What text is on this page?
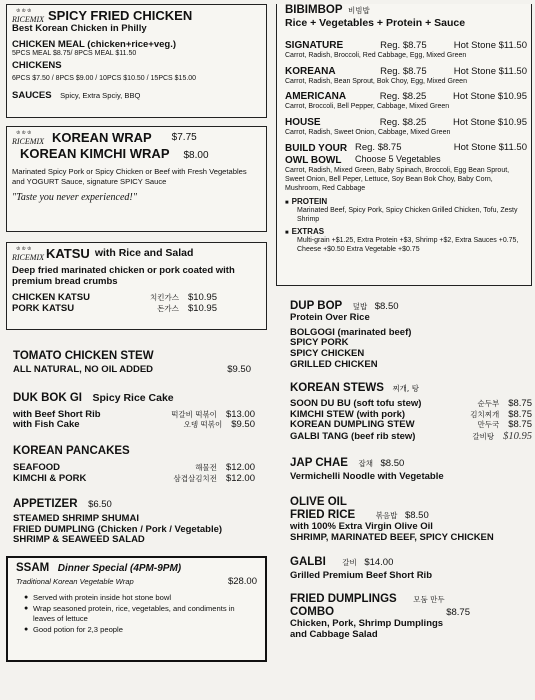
♔♔♔
RICEMIX SPICY FRIED CHICKEN
Best Korean Chicken in Philly
CHICKEN MEAL (chicken+rice+veg.)
5PCS MEAL $8.75/ 8PCS MEAL $11.50
CHICKENS
6PCS $7.50 / 8PCS $9.00 / 10PCS $10.50 / 15PCS $15.00
SAUCES Spicy, Extra Spciy, BBQ
♔♔♔
RICEMIX KOREAN WRAP $7.75
KOREAN KIMCHI WRAP $8.00
Marinated Spicy Pork or Spicy Chicken or Beef with Fresh Vegetables and YOGURT Sauce, signature SPICY Sauce
"Taste you never experienced!"
♔♔♔
RICEMIX KATSU with Rice and Salad
Deep fried marinated chicken or pork coated with premium bread crumbs
CHICKEN KATSU	치킨가스 $10.95
PORK KATSU	돈가스 $10.95
TOMATO CHICKEN STEW
ALL NATURAL, NO OIL ADDED	$9.50
DUK BOK GI Spicy Rice Cake
with Beef Short Rib	떡갈비 떡볶이 $13.00
with Fish Cake	오뎅 떡볶이 $9.50
KOREAN PANCAKES
SEAFOOD	해물전 $12.00
KIMCHI & PORK	삼겹살김치전 $12.00
APPETIZER $6.50
STEAMED SHRIMP SHUMAI
FRIED DUMPLING (Chicken / Pork / Vegetable)
SHRIMP & SEAWEED SALAD
SSAM Dinner Special (4PM-9PM)
Traditional Korean Vegetable Wrap	$28.00
● Served with protein inside hot stone bowl
● Wrap seasoned protein, rice, vegetables, and condiments in leaves of lettuce
● Good potion for 2,3 people
BIBIMBOP 비빔밥
Rice + Vegetables + Protein + Sauce
SIGNATURE	Reg. $8.75	Hot Stone $11.50
Carrot, Radish, Broccoli, Red Cabbage, Egg, Mixed Green
KOREANA	Reg. $8.75	Hot Stone $11.50
Carrot, Radish, Bean Sprout, Bok Choy, Egg, Mixed Green
AMERICANA	Reg. $8.25	Hot Stone $10.95
Carrot, Broccoli, Bell Pepper, Cabbage, Mixed Green
HOUSE	Reg. $8.25	Hot Stone $10.95
Carrot, Radish, Sweet Onion, Cabbage, Mixed Green
BUILD YOUR
OWL BOWL
Reg. $8.75	Hot Stone $11.50
Choose 5 Vegetables
Carrot, Radish, Mixed Green, Baby Spinach, Broccoli, Egg Bean Sprout, Sweet Onion, Bell Peper, Lettuce, Soy Bean Bok Choy, Baby Corn, Mushroom, Red Cabbage
■ PROTEIN
Marinated Beef, Spicy Pork, Spicy Chicken Grilled Chicken, Tofu, Zesty Shrimp
■ EXTRAS
Multi-grain +$1.25, Extra Protein +$3, Shrimp +$2, Extra Sauces +0.75, Cheese +$0.50 Extra Vegetable +$0.75
DUP BOP 덮밥 $8.50
Protein Over Rice
BOLGOGI (marinated beef)
SPICY PORK
SPICY CHICKEN
GRILLED CHICKEN
KOREAN STEWS 찌개, 탕
SOON DU BU (soft tofu stew)	순두부 $8.75
KIMCHI STEW (with pork)	김치찌개 $8.75
KOREAN DUMPLING STEW	만두국 $8.75
GALBI TANG (beef rib stew)	갈비탕 $10.95
JAP CHAE 잡채 $8.50
Vermichelli Noodle with Vegetable
OLIVE OIL
FRIED RICE	볶음밥 $8.50
with 100% Extra Virgin Olive Oil
SHRIMP, MARINATED BEEF, SPICY CHICKEN
GALBI 갈비 $14.00
Grilled Premium Beef Short Rib
FRIED DUMPLINGS 모둠 만두
COMBO	$8.75
Chicken, Pork, Shrimp Dumplings
and Cabbage Salad
